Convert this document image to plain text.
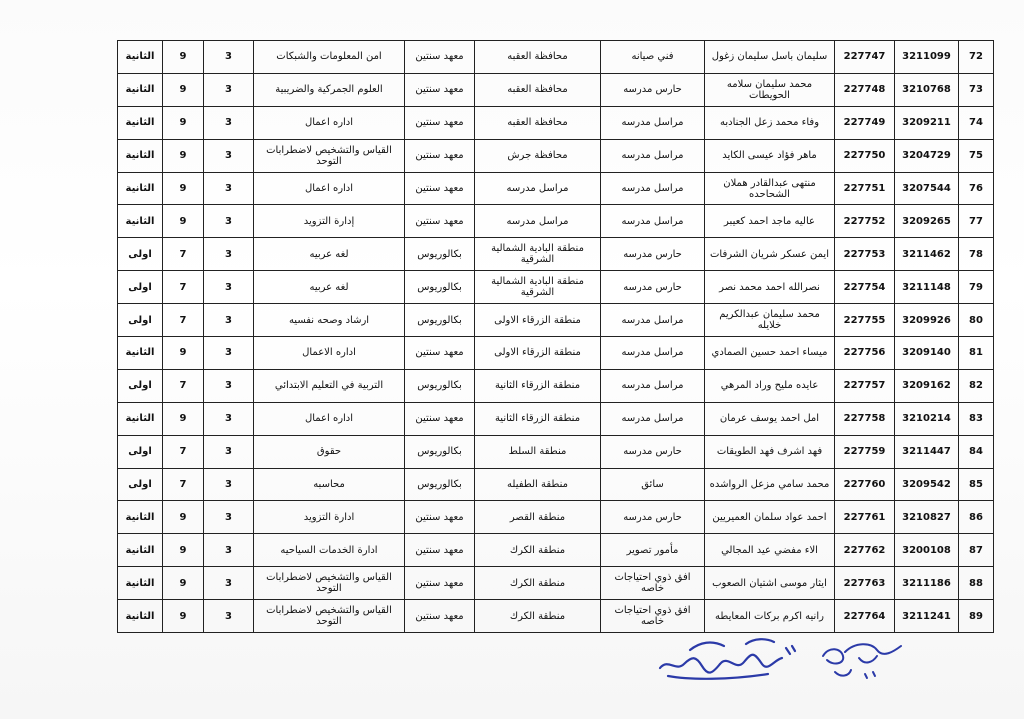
72	3211099	227747	سليمان باسل سليمان زغول	فني صيانه	محافظة العقبه	معهد سنتين	امن المعلومات والشبكات	3	9	الثانية
73	3210768	227748	محمد سليمان سلامه الحويطات	حارس مدرسه	محافظة العقبه	معهد سنتين	العلوم الجمركية والضريبية	3	9	الثانية
74	3209211	227749	وفاء محمد زعل الجنادبه	مراسل مدرسه	محافظة العقبه	معهد سنتين	اداره اعمال	3	9	الثانية
75	3204729	227750	ماهر فؤاد عيسى الكايد	مراسل مدرسه	محافظة جرش	معهد سنتين	القياس والتشخيص لاضطرابات التوحد	3	9	الثانية
76	3207544	227751	منتهى عبدالقادر هملان الشحاحده	مراسل مدرسه	مراسل مدرسه	معهد سنتين	اداره اعمال	3	9	الثانية
77	3209265	227752	عاليه ماجد احمد كعيبر	مراسل مدرسه	مراسل مدرسه	معهد سنتين	إدارة التزويد	3	9	الثانية
78	3211462	227753	ايمن عسكر شريان الشرفات	حارس مدرسه	منطقة البادية الشمالية الشرقية	بكالوريوس	لغه عربيه	3	7	اولى
79	3211148	227754	نصرالله احمد محمد نصر	حارس مدرسه	منطقة البادية الشمالية الشرقية	بكالوريوس	لغه عربيه	3	7	اولى
80	3209926	227755	محمد سليمان عبدالكريم خلايله	مراسل مدرسه	منطقة الزرقاء الاولى	بكالوريوس	ارشاد وصحه نفسيه	3	7	اولى
81	3209140	227756	ميساء احمد حسين الصمادي	مراسل مدرسه	منطقة الزرقاء الاولى	معهد سنتين	اداره الاعمال	3	9	الثانية
82	3209162	227757	عايده مليح وراد المرهي	مراسل مدرسه	منطقة الزرقاء الثانية	بكالوريوس	التربية في التعليم الابتدائي	3	7	اولى
83	3210214	227758	امل احمد يوسف عرمان	مراسل مدرسه	منطقة الزرقاء الثانية	معهد سنتين	اداره اعمال	3	9	الثانية
84	3211447	227759	فهد اشرف فهد الطويقات	حارس مدرسه	منطقة السلط	بكالوريوس	حقوق	3	7	اولى
85	3209542	227760	محمد سامي مزعل الرواشده	سائق	منطقة الطفيله	بكالوريوس	محاسبه	3	7	اولى
86	3210827	227761	احمد عواد سلمان العميريين	حارس مدرسه	منطقة القصر	معهد سنتين	ادارة التزويد	3	9	الثانية
87	3200108	227762	الاء مفضي عيد المجالي	مأمور تصوير	منطقة الكرك	معهد سنتين	ادارة الخدمات السياحيه	3	9	الثانية
88	3211186	227763	ايثار موسى اشتيان الصعوب	افق ذوي احتياجات خاصه	منطقة الكرك	معهد سنتين	القياس والتشخيص لاضطرابات التوحد	3	9	الثانية
89	3211241	227764	رانيه اكرم بركات المعايطه	افق ذوي احتياجات خاصه	منطقة الكرك	معهد سنتين	القياس والتشخيص لاضطرابات التوحد	3	9	الثانية
